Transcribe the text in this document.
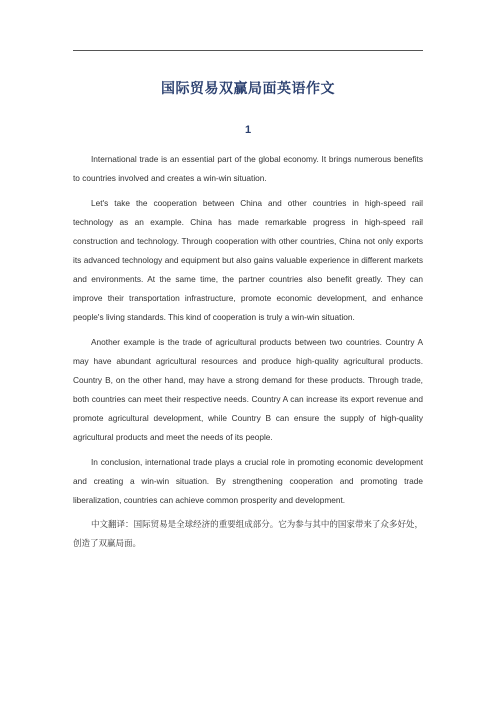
国际贸易双赢局面英语作文
1

International trade is an essential part of the global economy. It brings numerous benefits to countries involved and creates a win-win situation.

Let's take the cooperation between China and other countries in high-speed rail technology as an example. China has made remarkable progress in high-speed rail construction and technology. Through cooperation with other countries, China not only exports its advanced technology and equipment but also gains valuable experience in different markets and environments. At the same time, the partner countries also benefit greatly. They can improve their transportation infrastructure, promote economic development, and enhance people's living standards. This kind of cooperation is truly a win-win situation.

Another example is the trade of agricultural products between two countries. Country A may have abundant agricultural resources and produce high-quality agricultural products. Country B, on the other hand, may have a strong demand for these products. Through trade, both countries can meet their respective needs. Country A can increase its export revenue and promote agricultural development, while Country B can ensure the supply of high-quality agricultural products and meet the needs of its people.

In conclusion, international trade plays a crucial role in promoting economic development and creating a win-win situation. By strengthening cooperation and promoting trade liberalization, countries can achieve common prosperity and development.

中文翻译：国际贸易是全球经济的重要组成部分。它为参与其中的国家带来了众多好处，创造了双赢局面。
